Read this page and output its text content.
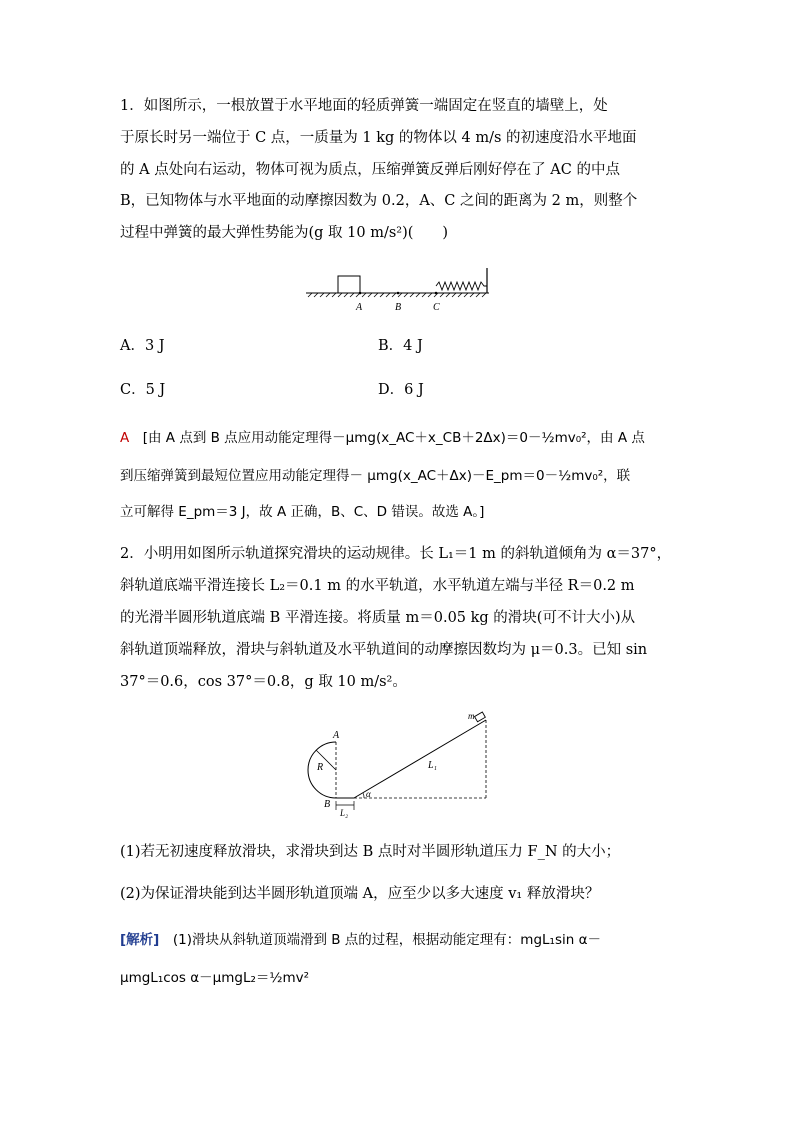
1．如图所示，一根放置于水平地面的轻质弹簧一端固定在竖直的墙壁上，处
于原长时另一端位于 C 点，一质量为 1 kg 的物体以 4 m/s 的初速度沿水平地面
的 A 点处向右运动，物体可视为质点，压缩弹簧反弹后刚好停在了 AC 的中点
B，已知物体与水平地面的动摩擦因数为 0.2，A、C 之间的距离为 2 m，则整个
过程中弹簧的最大弹性势能为(g 取 10 m/s²)(　　)
A	B	C
A．3 J	B．4 J
C．5 J	D．6 J
A　 [由 A 点到 B 点应用动能定理得－μmg(x_AC＋x_CB＋2Δx)＝0－½mv₀²，由 A 点
到压缩弹簧到最短位置应用动能定理得－ μmg(x_AC＋Δx)－E_pm＝0－½mv₀²，联
立可解得 E_pm＝3 J，故 A 正确，B、C、D 错误。故选 A。]
2．小明用如图所示轨道探究滑块的运动规律。长 L₁＝1 m 的斜轨道倾角为 α＝37°，
斜轨道底端平滑连接长 L₂＝0.1 m 的水平轨道，水平轨道左端与半径 R＝0.2 m
的光滑半圆形轨道底端 B 平滑连接。将质量 m＝0.05 kg 的滑块(可不计大小)从
斜轨道顶端释放，滑块与斜轨道及水平轨道间的动摩擦因数均为 μ＝0.3。已知 sin
37°＝0.6，cos 37°＝0.8，g 取 10 m/s²。
A
R
B
L₂
L₁
m
α
(1)若无初速度释放滑块，求滑块到达 B 点时对半圆形轨道压力 F_N 的大小；
(2)为保证滑块能到达半圆形轨道顶端 A，应至少以多大速度 v₁ 释放滑块？
[解析]　 (1)滑块从斜轨道顶端滑到 B 点的过程，根据动能定理有：mgL₁sin α－
μmgL₁cos α－μmgL₂＝½mv²
